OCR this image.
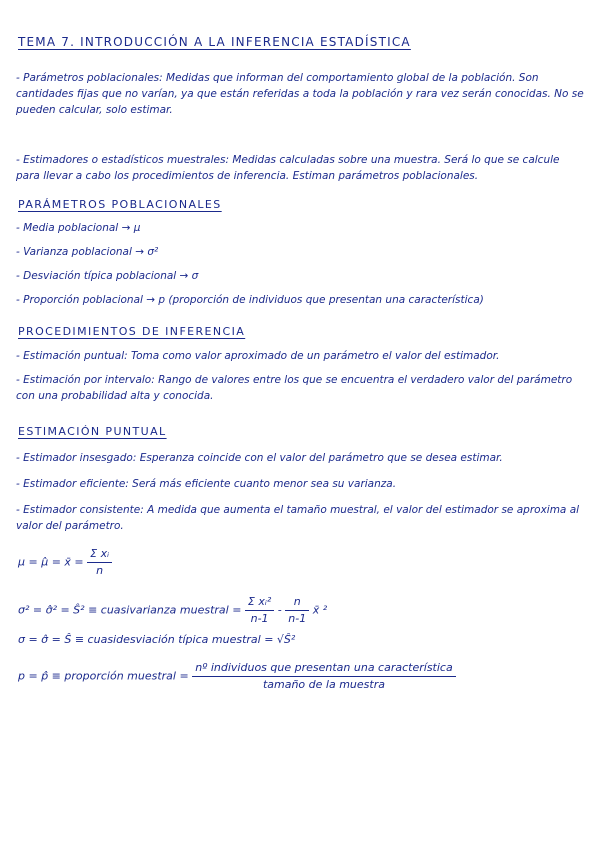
TEMA 7. INTRODUCCIÓN A LA INFERENCIA ESTADÍSTICA
- Parámetros poblacionales: Medidas que informan del comportamiento global de la población. Son cantidades fijas que no varían, ya que están referidas a toda la población y rara vez serán conocidas. No se pueden calcular, solo estimar.
- Estimadores o estadísticos muestrales: Medidas calculadas sobre una muestra. Será lo que se calcule para llevar a cabo los procedimientos de inferencia. Estiman parámetros poblacionales.
PARÁMETROS POBLACIONALES
- Media poblacional → μ
- Varianza poblacional → σ²
- Desviación típica poblacional → σ
- Proporción poblacional → p (proporción de individuos que presentan una característica)
PROCEDIMIENTOS DE INFERENCIA
- Estimación puntual: Toma como valor aproximado de un parámetro el valor del estimador.
- Estimación por intervalo: Rango de valores entre los que se encuentra el verdadero valor del parámetro con una probabilidad alta y conocida.
ESTIMACIÓN PUNTUAL
- Estimador insesgado: Esperanza coincide con el valor del parámetro que se desea estimar.
- Estimador eficiente: Será más eficiente cuanto menor sea su varianza.
- Estimador consistente: A medida que aumenta el tamaño muestral, el valor del estimador se aproxima al valor del parámetro.
μ = μ̂ = x̄ = $\frac{\text{Σ xᵢ}}{n}$
σ² = σ̂² = Ŝ² ≡ cuasivarianza muestral = $\frac{\text{Σ xᵢ²}}{n-1} - \frac{n}{n-1}$ x̄ ²
σ = σ̂ = Ŝ ≡ cuasidesviación típica muestral = √Ŝ²
p = p̂ ≡ proporción muestral = $\frac{\text{nº individuos que presentan una característica}}{\text{tamaño de la muestra}}$
